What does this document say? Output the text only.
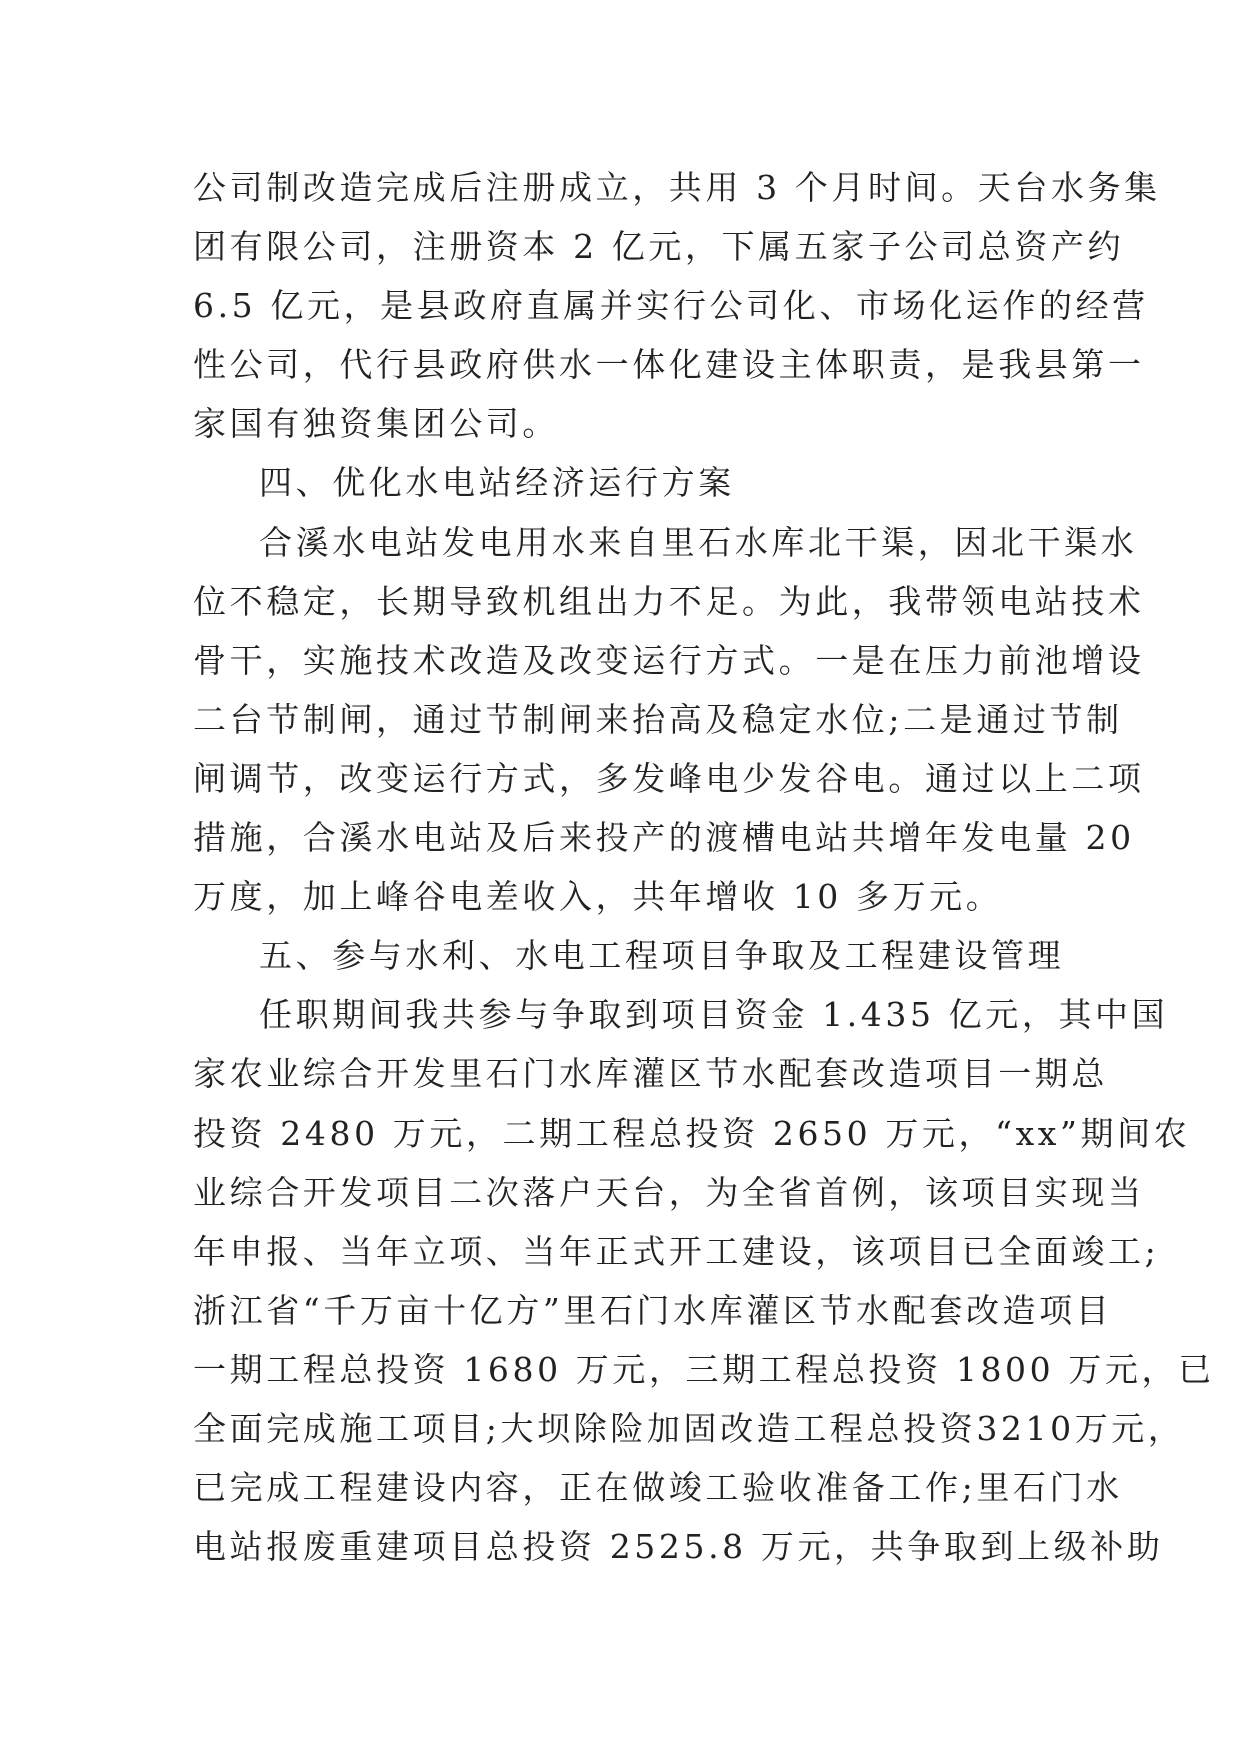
公司制改造完成后注册成立，共用 3 个月时间。天台水务集
团有限公司，注册资本 2 亿元，下属五家子公司总资产约
6.5 亿元，是县政府直属并实行公司化、市场化运作的经营
性公司，代行县政府供水一体化建设主体职责，是我县第一
家国有独资集团公司。
四、优化水电站经济运行方案
合溪水电站发电用水来自里石水库北干渠，因北干渠水
位不稳定，长期导致机组出力不足。为此，我带领电站技术
骨干，实施技术改造及改变运行方式。一是在压力前池增设
二台节制闸，通过节制闸来抬高及稳定水位;二是通过节制
闸调节，改变运行方式，多发峰电少发谷电。通过以上二项
措施，合溪水电站及后来投产的渡槽电站共增年发电量 20
万度，加上峰谷电差收入，共年增收 10 多万元。
五、参与水利、水电工程项目争取及工程建设管理
任职期间我共参与争取到项目资金 1.435 亿元，其中国
家农业综合开发里石门水库灌区节水配套改造项目一期总
投资 2480 万元，二期工程总投资 2650 万元，“xx”期间农
业综合开发项目二次落户天台，为全省首例，该项目实现当
年申报、当年立项、当年正式开工建设，该项目已全面竣工;
浙江省“千万亩十亿方”里石门水库灌区节水配套改造项目
一期工程总投资 1680 万元，三期工程总投资 1800 万元，已
全面完成施工项目;大坝除险加固改造工程总投资3210万元，
已完成工程建设内容，正在做竣工验收准备工作;里石门水
电站报废重建项目总投资 2525.8 万元，共争取到上级补助
